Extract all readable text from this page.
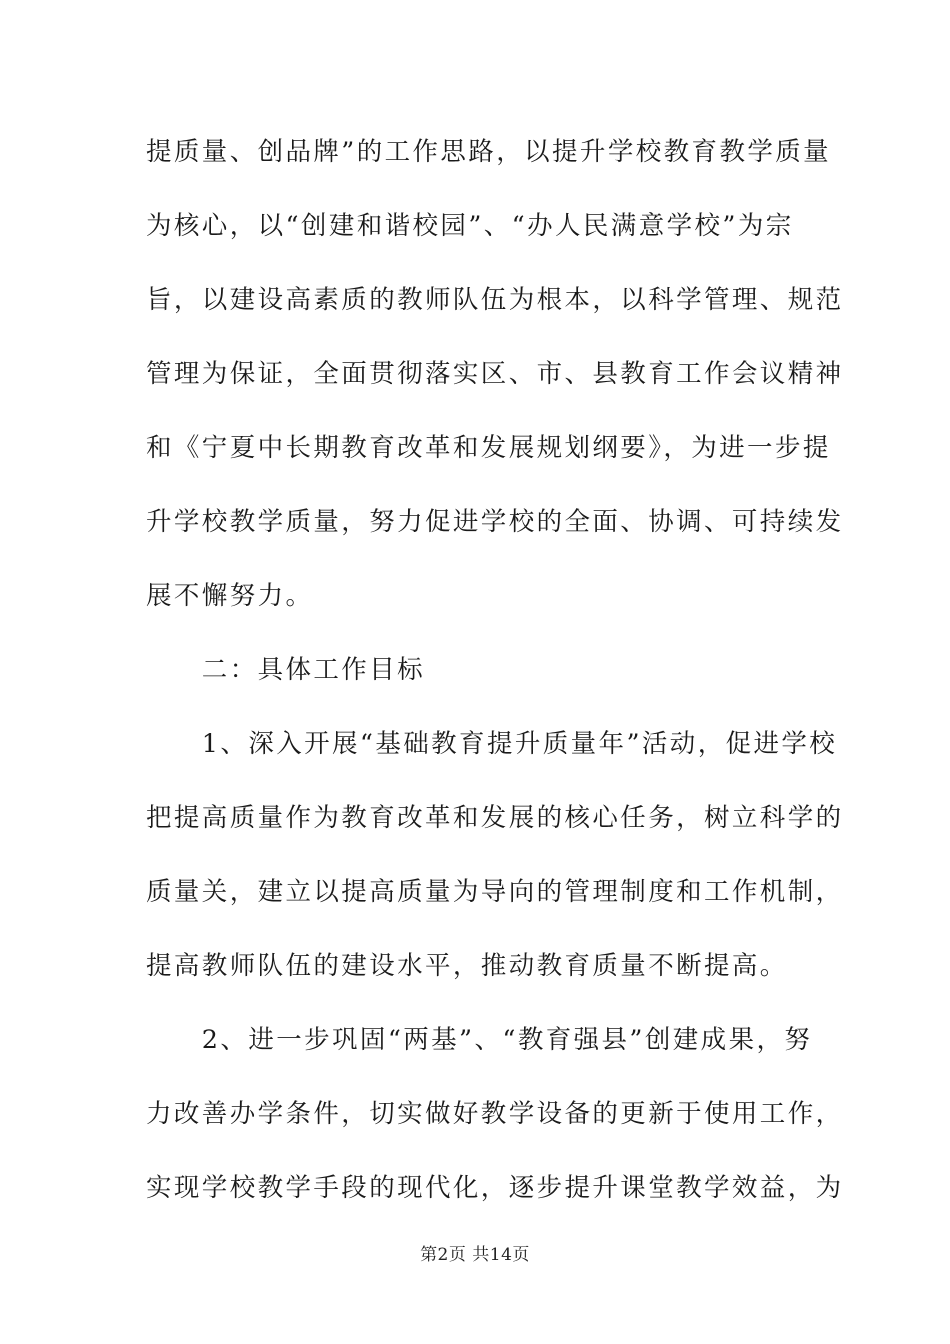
提质量、创品牌”的工作思路，以提升学校教育教学质量
为核心，以“创建和谐校园”、“办人民满意学校”为宗
旨，以建设高素质的教师队伍为根本，以科学管理、规范
管理为保证，全面贯彻落实区、市、县教育工作会议精神
和《宁夏中长期教育改革和发展规划纲要》，为进一步提
升学校教学质量，努力促进学校的全面、协调、可持续发
展不懈努力。
　　二：具体工作目标
　　1、深入开展“基础教育提升质量年”活动，促进学校
把提高质量作为教育改革和发展的核心任务，树立科学的
质量关，建立以提高质量为导向的管理制度和工作机制，
提高教师队伍的建设水平，推动教育质量不断提高。
　　2、进一步巩固“两基”、“教育强县”创建成果，努
力改善办学条件，切实做好教学设备的更新于使用工作，
实现学校教学手段的现代化，逐步提升课堂教学效益，为
第2页 共14页
